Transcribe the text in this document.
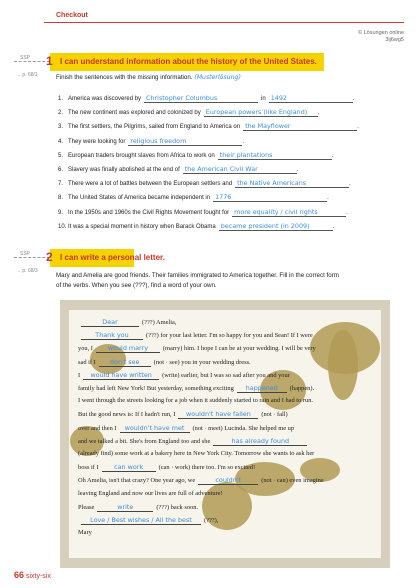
Checkout
© Lösungen online
3ij6wg5
SSP 1 I can understand information about the history of the United States.
→ p. 68/1	Finish the sentences with the missing information. (Musterlösung)
1. America was discovered by Christopher Columbus	in 1492	.
2. The new continent was explored and colonized by European powers (like England) .
3. The first settlers, the Pilgrims, sailed from England to America on the Mayflower	.
4. They were looking for religious freedom	.
5. European traders brought slaves from Africa to work on their plantations	.
6. Slavery was finally abolished at the end of the American Civil War	.
7. There were a lot of battles between the European settlers and the Native Americans	.
8. The United States of America became independent in 1776	.
9. In the 1950s and 1960s the Civil Rights Movement fought for more equality / civil rights	.
10. It was a special moment in history when Barack Obama became president (in 2009)	.
SSP 2 I can write a personal letter.
→ p. 68/3
Mary and Amelia are good friends. Their families immigrated to America together. Fill in the correct form
of the verbs. When you see (???), find a word of your own.
Dear	(???) Amelia,
Thank you	(???) for your last letter. I'm so happy for you and Sean! If I were
you, I would marry (marry) him. I hope I can be at your wedding. I will be very
sad if I don't see (not · see) you in your wedding dress.
I would have written (write) earlier, but I was so sad after you and your
family had left New York! But yesterday, something exciting happened (happen).
I went through the streets looking for a job when it suddenly started to rain and I had to run.
But the good news is: If I hadn't run, I wouldn't have fallen (not · fall)
over and then I wouldn't have met (not · meet) Lucinda. She helped me up
and we talked a bit. She's from England too and she	has already found
(already find) some work at a bakery here in New York City. Tomorrow she wants to ask her
boss if I can work (can · work) there too. I'm so excited!
Oh Amelia, isn't that crazy? One year ago, we	couldn't	(not · can) even imagine
leaving England and now our lives are full of adventure!
Please	write	(???) back soon.
Love / Best wishes / All the best (???),
Mary
66 sixty-six
